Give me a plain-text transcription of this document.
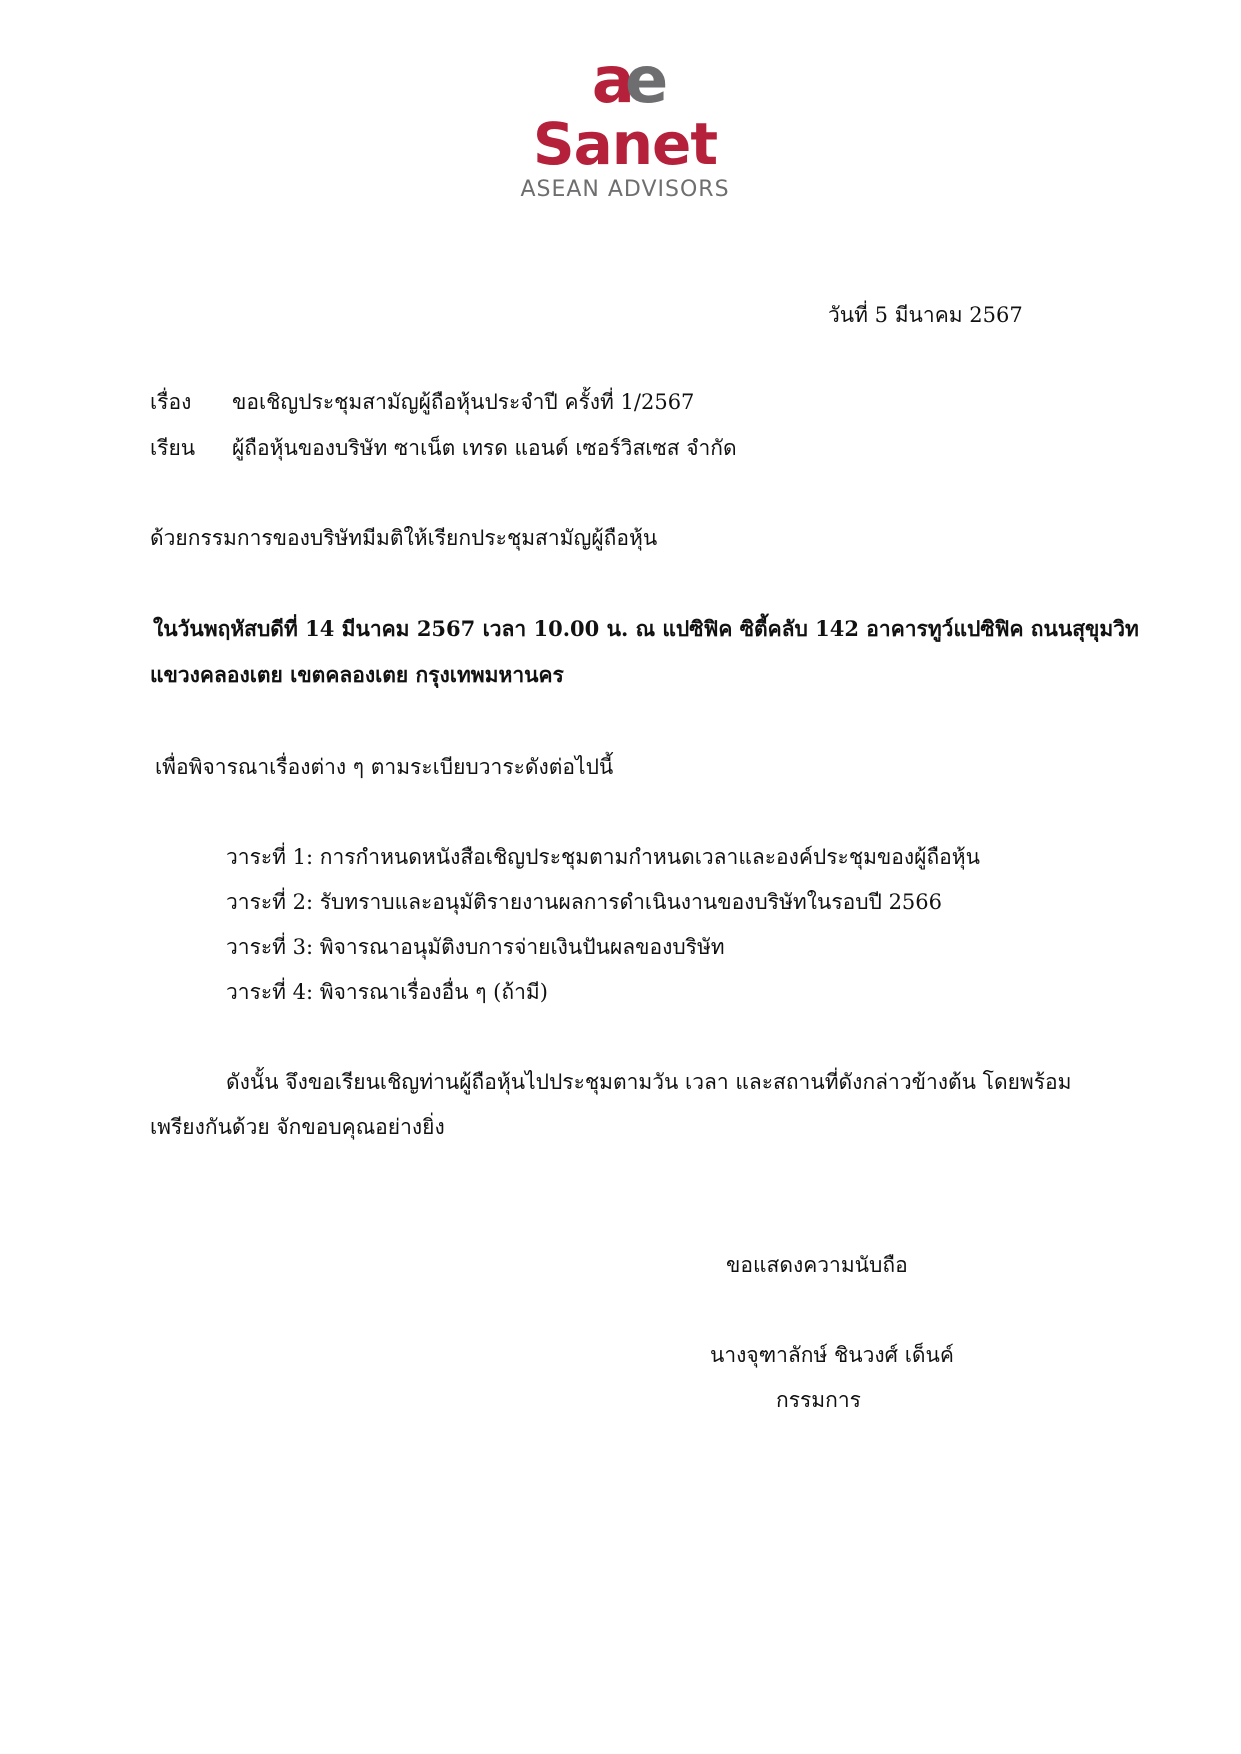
ae
Sanet
ASEAN ADVISORS
วันที่ 5 มีนาคม 2567
เรื่อง ขอเชิญประชุมสามัญผู้ถือหุ้นประจำปี ครั้งที่ 1/2567
เรียน ผู้ถือหุ้นของบริษัท ซาเน็ต เทรด แอนด์ เซอร์วิสเซส จำกัด
ด้วยกรรมการของบริษัทมีมติให้เรียกประชุมสามัญผู้ถือหุ้น
ในวันพฤหัสบดีที่ 14 มีนาคม 2567 เวลา 10.00 น. ณ แปซิฟิค ซิตี้คลับ 142 อาคารทูว์แปซิฟิค ถนนสุขุมวิท
แขวงคลองเตย เขตคลองเตย กรุงเทพมหานคร
เพื่อพิจารณาเรื่องต่าง ๆ ตามระเบียบวาระดังต่อไปนี้
วาระที่ 1: การกำหนดหนังสือเชิญประชุมตามกำหนดเวลาและองค์ประชุมของผู้ถือหุ้น
วาระที่ 2: รับทราบและอนุมัติรายงานผลการดำเนินงานของบริษัทในรอบปี 2566
วาระที่ 3: พิจารณาอนุมัติงบการจ่ายเงินปันผลของบริษัท
วาระที่ 4: พิจารณาเรื่องอื่น ๆ (ถ้ามี)
ดังนั้น จึงขอเรียนเชิญท่านผู้ถือหุ้นไปประชุมตามวัน เวลา และสถานที่ดังกล่าวข้างต้น โดยพร้อม
เพรียงกันด้วย จักขอบคุณอย่างยิ่ง
ขอแสดงความนับถือ
นางจุฑาลักษ์ ชินวงศ์ เด็นค์
กรรมการ
